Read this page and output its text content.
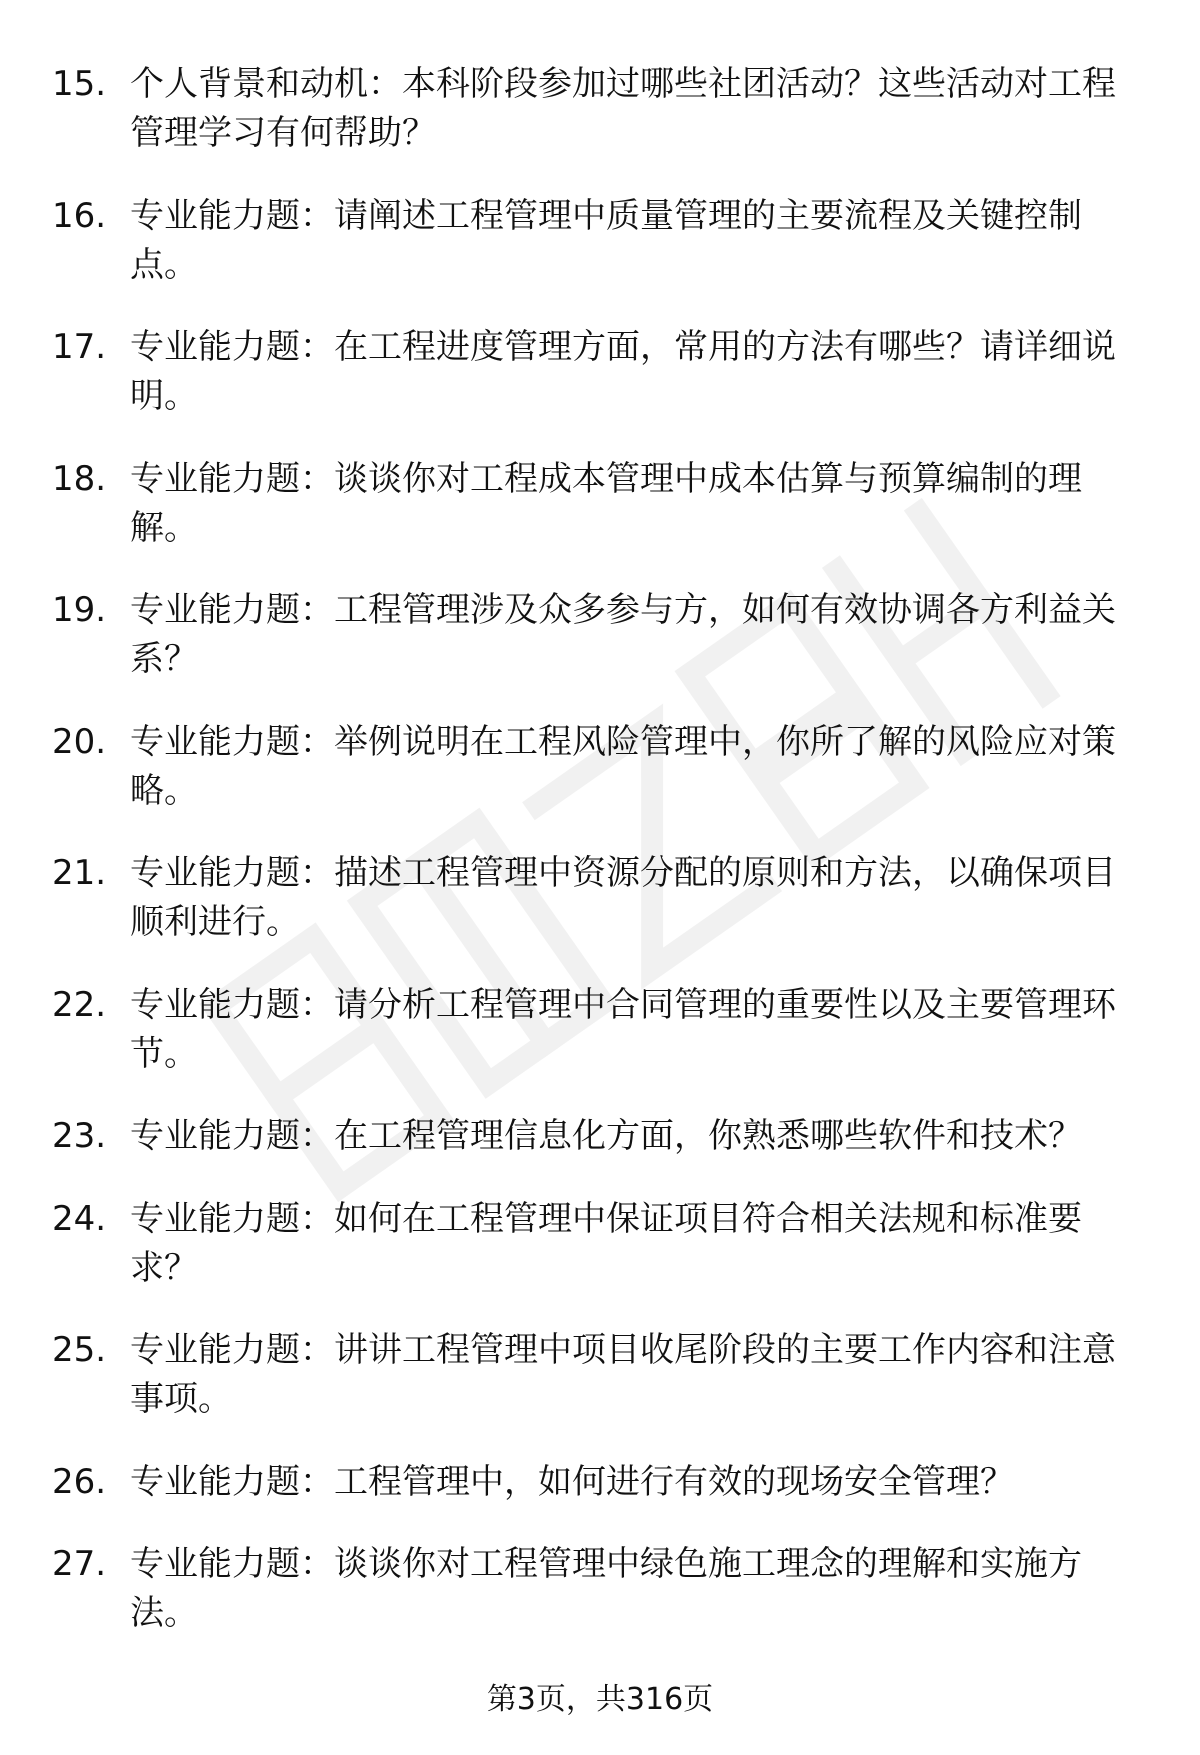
15. 个人背景和动机：本科阶段参加过哪些社团活动？这些活动对工程管理学习有何帮助？
16. 专业能力题：请阐述工程管理中质量管理的主要流程及关键控制点。
17. 专业能力题：在工程进度管理方面，常用的方法有哪些？请详细说明。
18. 专业能力题：谈谈你对工程成本管理中成本估算与预算编制的理解。
19. 专业能力题：工程管理涉及众多参与方，如何有效协调各方利益关系？
20. 专业能力题：举例说明在工程风险管理中，你所了解的风险应对策略。
21. 专业能力题：描述工程管理中资源分配的原则和方法，以确保项目顺利进行。
22. 专业能力题：请分析工程管理中合同管理的重要性以及主要管理环节。
23. 专业能力题：在工程管理信息化方面，你熟悉哪些软件和技术？
24. 专业能力题：如何在工程管理中保证项目符合相关法规和标准要求？
25. 专业能力题：讲讲工程管理中项目收尾阶段的主要工作内容和注意事项。
26. 专业能力题：工程管理中，如何进行有效的现场安全管理？
27. 专业能力题：谈谈你对工程管理中绿色施工理念的理解和实施方法。
第3页，共316页
